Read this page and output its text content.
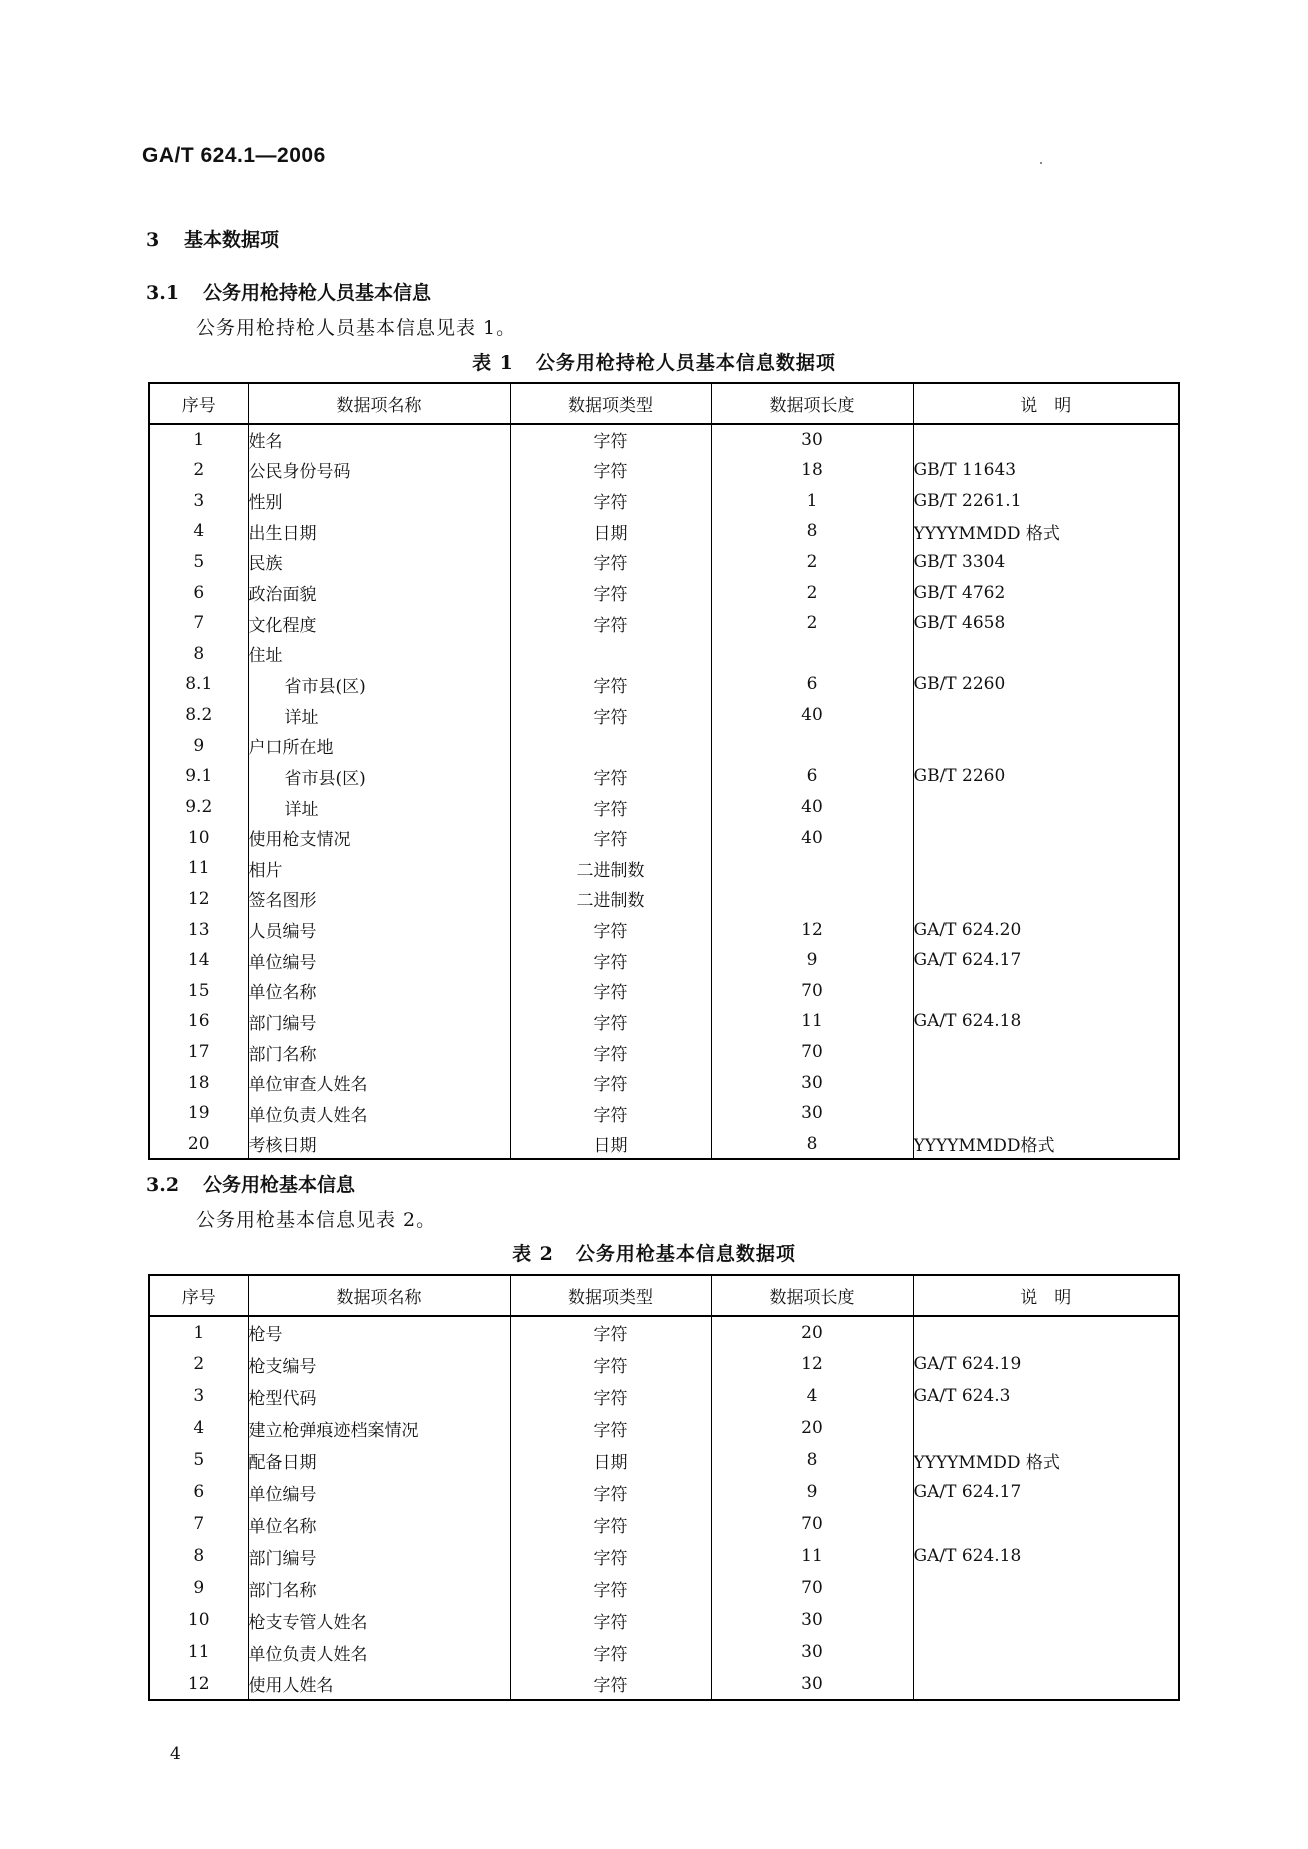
GA/T 624.1—2006
3 基本数据项
3.1 公务用枪持枪人员基本信息
公务用枪持枪人员基本信息见表 1。
表 1 公务用枪持枪人员基本信息数据项
序号	数据项名称	数据项类型	数据项长度	说　明
1	姓名	字符	30	
2	公民身份号码	字符	18	GB/T 11643
3	性别	字符	1	GB/T 2261.1
4	出生日期	日期	8	YYYYMMDD 格式
5	民族	字符	2	GB/T 3304
6	政治面貌	字符	2	GB/T 4762
7	文化程度	字符	2	GB/T 4658
8	住址			
8.1	省市县(区)	字符	6	GB/T 2260
8.2	详址	字符	40	
9	户口所在地			
9.1	省市县(区)	字符	6	GB/T 2260
9.2	详址	字符	40	
10	使用枪支情况	字符	40	
11	相片	二进制数		
12	签名图形	二进制数		
13	人员编号	字符	12	GA/T 624.20
14	单位编号	字符	9	GA/T 624.17
15	单位名称	字符	70	
16	部门编号	字符	11	GA/T 624.18
17	部门名称	字符	70	
18	单位审查人姓名	字符	30	
19	单位负责人姓名	字符	30	
20	考核日期	日期	8	YYYYMMDD格式
3.2 公务用枪基本信息
公务用枪基本信息见表 2。
表 2 公务用枪基本信息数据项
序号	数据项名称	数据项类型	数据项长度	说　明
1	枪号	字符	20	
2	枪支编号	字符	12	GA/T 624.19
3	枪型代码	字符	4	GA/T 624.3
4	建立枪弹痕迹档案情况	字符	20	
5	配备日期	日期	8	YYYYMMDD 格式
6	单位编号	字符	9	GA/T 624.17
7	单位名称	字符	70	
8	部门编号	字符	11	GA/T 624.18
9	部门名称	字符	70	
10	枪支专管人姓名	字符	30	
11	单位负责人姓名	字符	30	
12	使用人姓名	字符	30	
4
